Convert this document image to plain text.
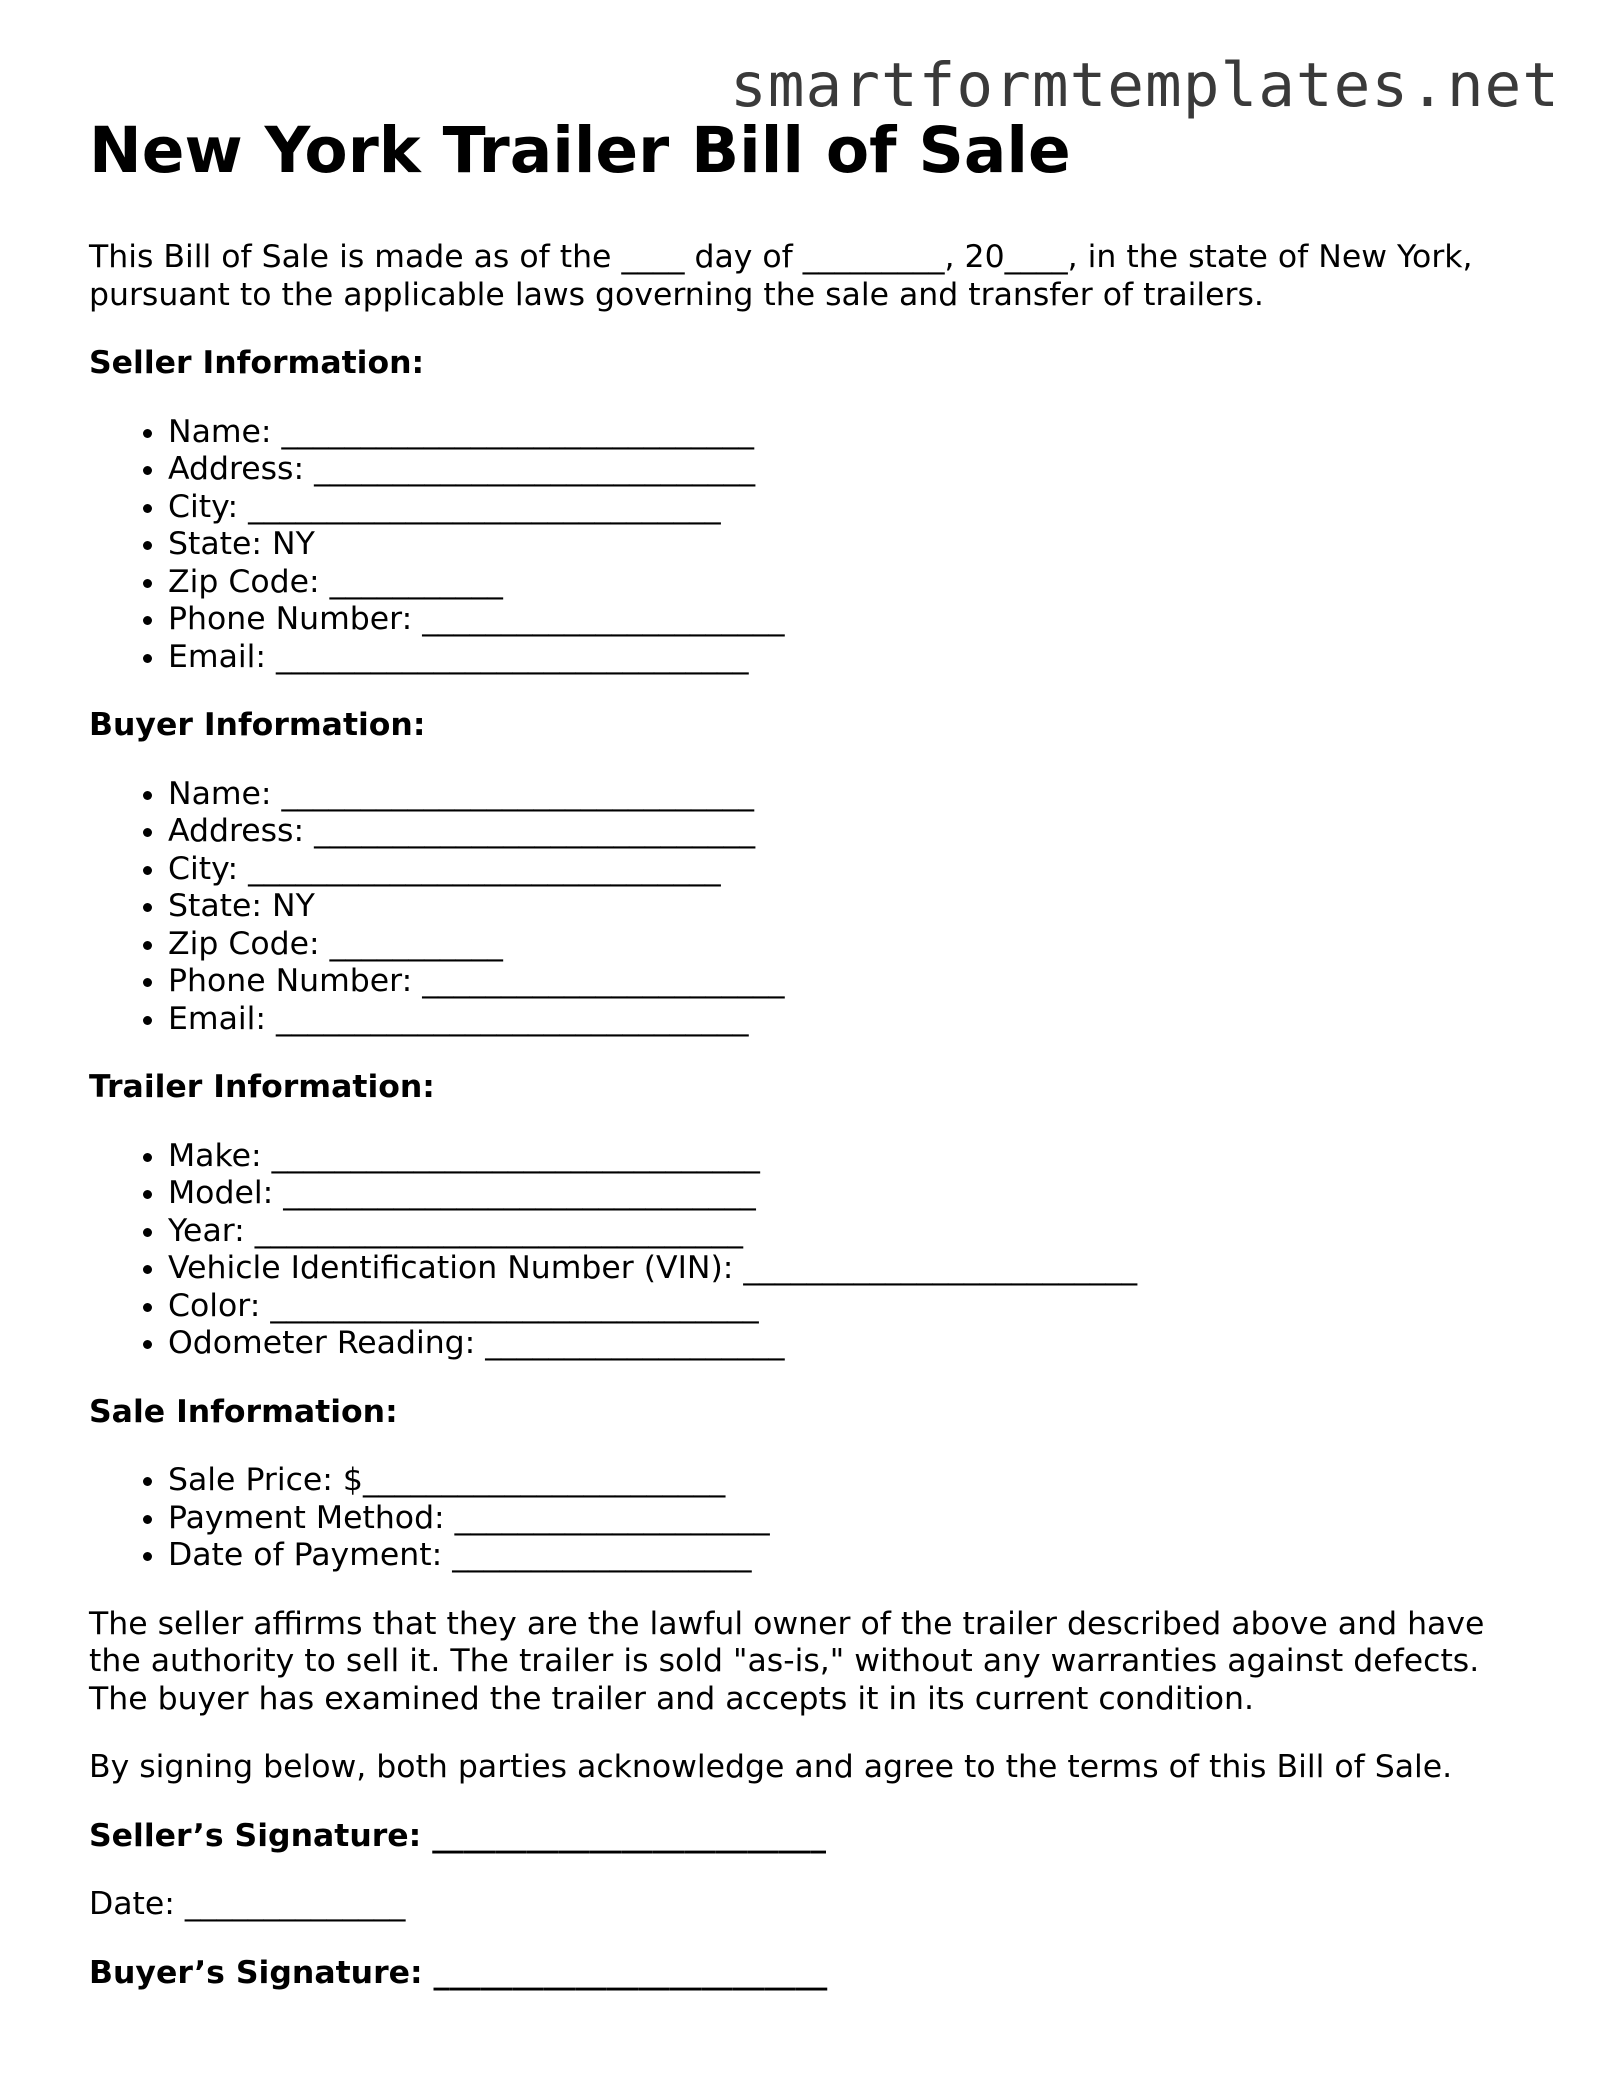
smartformtemplates.net
New York Trailer Bill of Sale

This Bill of Sale is made as of the ____ day of _________, 20____, in the state of New York, pursuant to the applicable laws governing the sale and transfer of trailers.

Seller Information:
• Name: ______________________________
• Address: ____________________________
• City: ______________________________
• State: NY
• Zip Code: ___________
• Phone Number: _______________________
• Email: ______________________________
Buyer Information:
• Name: ______________________________
• Address: ____________________________
• City: ______________________________
• State: NY
• Zip Code: ___________
• Phone Number: _______________________
• Email: ______________________________
Trailer Information:
• Make: _______________________________
• Model: ______________________________
• Year: _______________________________
• Vehicle Identification Number (VIN): _________________________
• Color: _______________________________
• Odometer Reading: ___________________
Sale Information:
• Sale Price: $_______________________
• Payment Method: ____________________
• Date of Payment: ___________________

The seller affirms that they are the lawful owner of the trailer described above and have the authority to sell it. The trailer is sold "as-is," without any warranties against defects. The buyer has examined the trailer and accepts it in its current condition.

By signing below, both parties acknowledge and agree to the terms of this Bill of Sale.

Seller’s Signature: _________________________

Date: ______________

Buyer’s Signature: _________________________
